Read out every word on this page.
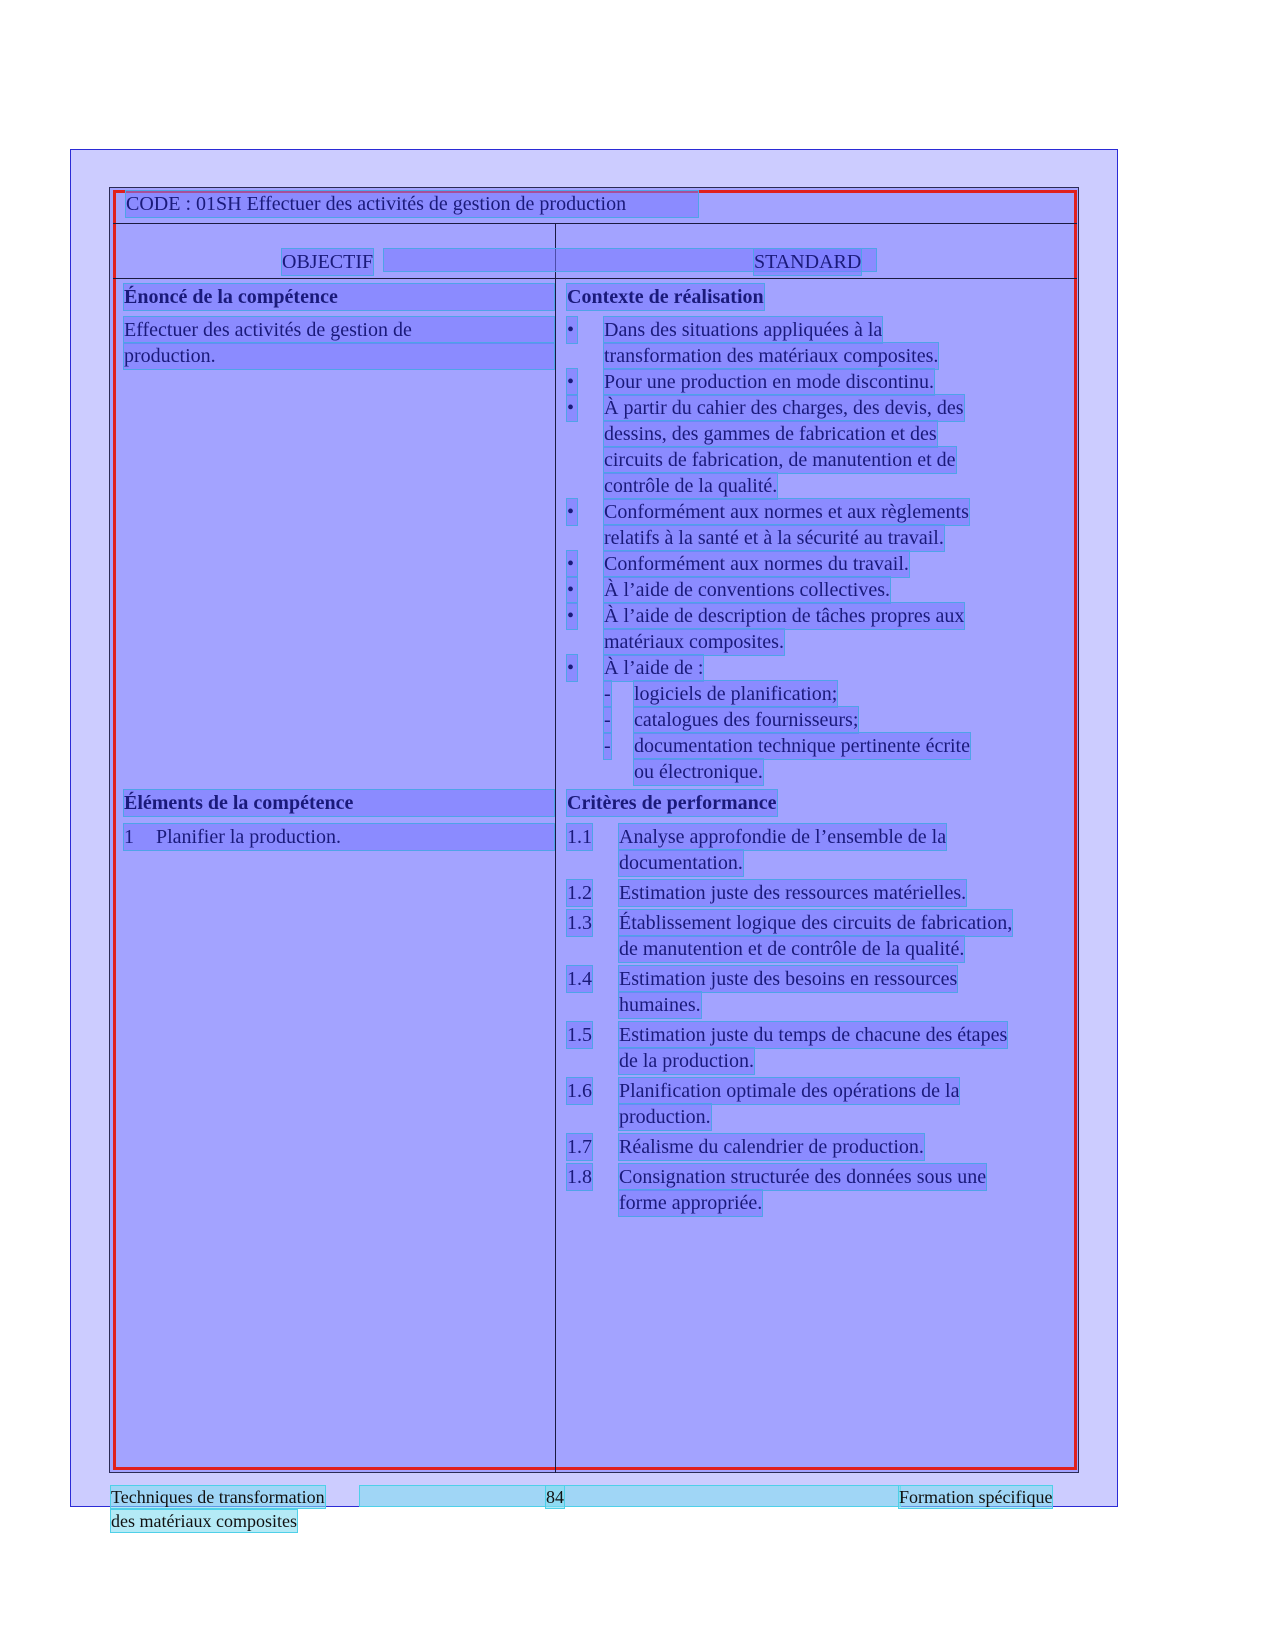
CODE : 01SH Effectuer des activités de gestion de production
OBJECTIF	STANDARD
Énoncé de la compétence
Effectuer des activités de gestion de
production.
Éléments de la compétence
1 Planifier la production.
Contexte de réalisation
• Dans des situations appliquées à la
transformation des matériaux composites.
• Pour une production en mode discontinu.
• À partir du cahier des charges, des devis, des
dessins, des gammes de fabrication et des
circuits de fabrication, de manutention et de
contrôle de la qualité.
• Conformément aux normes et aux règlements
relatifs à la santé et à la sécurité au travail.
• Conformément aux normes du travail.
• À l’aide de conventions collectives.
• À l’aide de description de tâches propres aux
matériaux composites.
• À l’aide de :
- logiciels de planification;
- catalogues des fournisseurs;
- documentation technique pertinente écrite
ou électronique.
Critères de performance
1.1 Analyse approfondie de l’ensemble de la
documentation.
1.2 Estimation juste des ressources matérielles.
1.3 Établissement logique des circuits de fabrication,
de manutention et de contrôle de la qualité.
1.4 Estimation juste des besoins en ressources
humaines.
1.5 Estimation juste du temps de chacune des étapes
de la production.
1.6 Planification optimale des opérations de la
production.
1.7 Réalisme du calendrier de production.
1.8 Consignation structurée des données sous une
forme appropriée.
Techniques de transformation
des matériaux composites
84	Formation spécifique
